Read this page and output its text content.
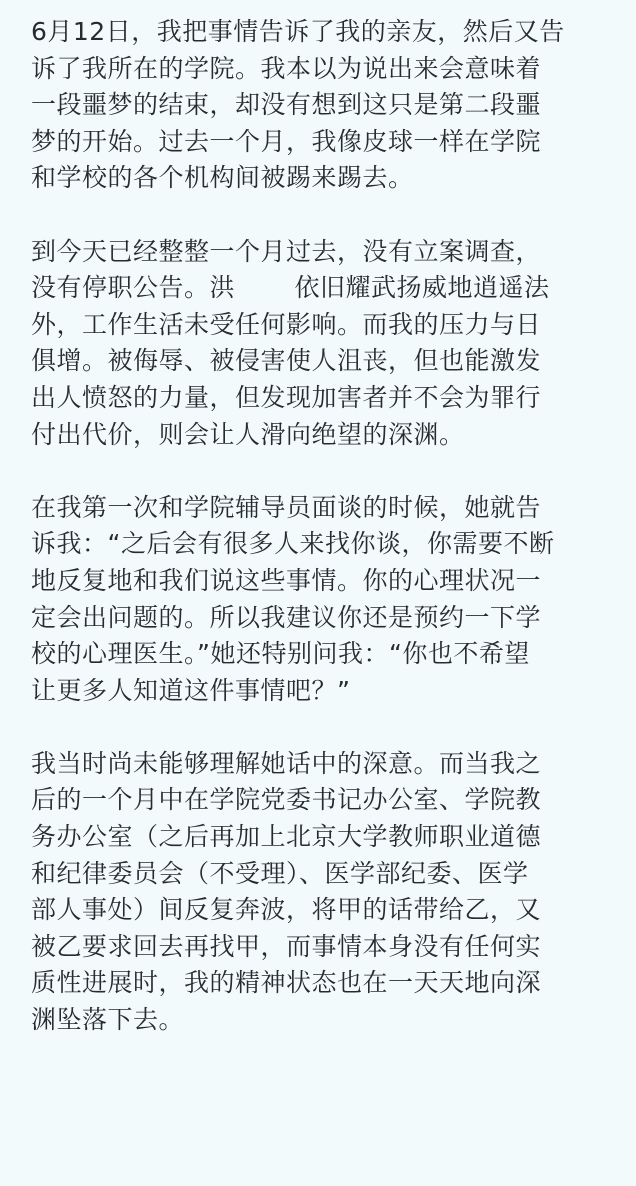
6月12日，我把事情告诉了我的亲友，然后又告
诉了我所在的学院。我本以为说出来会意味着
一段噩梦的结束，却没有想到这只是第二段噩
梦的开始。过去一个月，我像皮球一样在学院
和学校的各个机构间被踢来踢去。

到今天已经整整一个月过去，没有立案调查，
没有停职公告。洪　　 依旧耀武扬威地逍遥法
外，工作生活未受任何影响。而我的压力与日
俱增。被侮辱、被侵害使人沮丧，但也能激发
出人愤怒的力量，但发现加害者并不会为罪行
付出代价，则会让人滑向绝望的深渊。

在我第一次和学院辅导员面谈的时候，她就告
诉我：“之后会有很多人来找你谈，你需要不断
地反复地和我们说这些事情。你的心理状况一
定会出问题的。所以我建议你还是预约一下学
校的心理医生。”她还特别问我：“你也不希望
让更多人知道这件事情吧？”

我当时尚未能够理解她话中的深意。而当我之
后的一个月中在学院党委书记办公室、学院教
务办公室（之后再加上北京大学教师职业道德
和纪律委员会（不受理）、医学部纪委、医学
部人事处）间反复奔波，将甲的话带给乙，又
被乙要求回去再找甲，而事情本身没有任何实
质性进展时，我的精神状态也在一天天地向深
渊坠落下去。
